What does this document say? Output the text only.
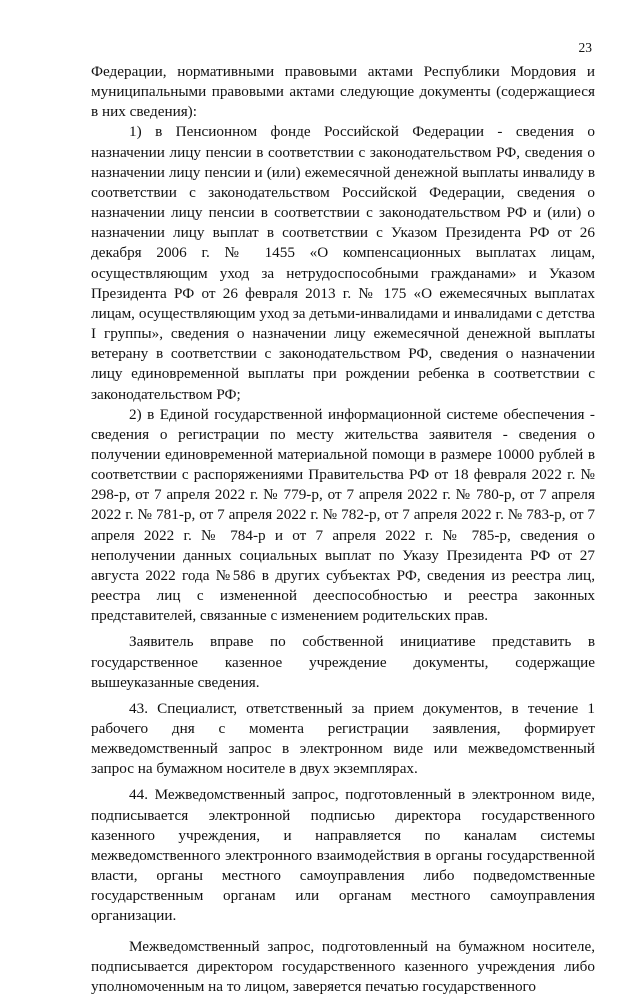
23

Федерации, нормативными правовыми актами Республики Мордовия и муниципальными правовыми актами следующие документы (содержащиеся в них сведения):

1) в Пенсионном фонде Российской Федерации - сведения о назначении лицу пенсии в соответствии с законодательством РФ, сведения о назначении лицу пенсии и (или) ежемесячной денежной выплаты инвалиду в соответствии с законодательством Российской Федерации, сведения о назначении лицу пенсии в соответствии с законодательством РФ и (или) о назначении лицу выплат в соответствии с Указом Президента РФ от 26 декабря 2006 г. № 1455 «О компенсационных выплатах лицам, осуществляющим уход за нетрудоспособными гражданами» и Указом Президента РФ от 26 февраля 2013 г. № 175 «О ежемесячных выплатах лицам, осуществляющим уход за детьми-инвалидами и инвалидами с детства I группы», сведения о назначении лицу ежемесячной денежной выплаты ветерану в соответствии с законодательством РФ, сведения о назначении лицу единовременной выплаты при рождении ребенка в соответствии с законодательством РФ;

2) в Единой государственной информационной системе обеспечения - сведения о регистрации по месту жительства заявителя - сведения о получении единовременной материальной помощи в размере 10000 рублей в соответствии с распоряжениями Правительства РФ от 18 февраля 2022 г. № 298-р, от 7 апреля 2022 г. № 779-р, от 7 апреля 2022 г. № 780-р, от 7 апреля 2022 г. № 781-р, от 7 апреля 2022 г. № 782-р, от 7 апреля 2022 г. № 783-р, от 7 апреля 2022 г. № 784-р и от 7 апреля 2022 г. № 785-р, сведения о неполучении данных социальных выплат по Указу Президента РФ от 27 августа 2022 года №586 в других субъектах РФ, сведения из реестра лиц, реестра лиц с измененной дееспособностью и реестра законных представителей, связанные с изменением родительских прав.

Заявитель вправе по собственной инициативе представить в государственное казенное учреждение документы, содержащие вышеуказанные сведения.

43. Специалист, ответственный за прием документов, в течение 1 рабочего дня с момента регистрации заявления, формирует межведомственный запрос в электронном виде или межведомственный запрос на бумажном носителе в двух экземплярах.

44. Межведомственный запрос, подготовленный в электронном виде, подписывается электронной подписью директора государственного казенного учреждения, и направляется по каналам системы межведомственного электронного взаимодействия в органы государственной власти, органы местного самоуправления либо подведомственные государственным органам или органам местного самоуправления организации.

Межведомственный запрос, подготовленный на бумажном носителе, подписывается директором государственного казенного учреждения либо уполномоченным на то лицом, заверяется печатью государственного
